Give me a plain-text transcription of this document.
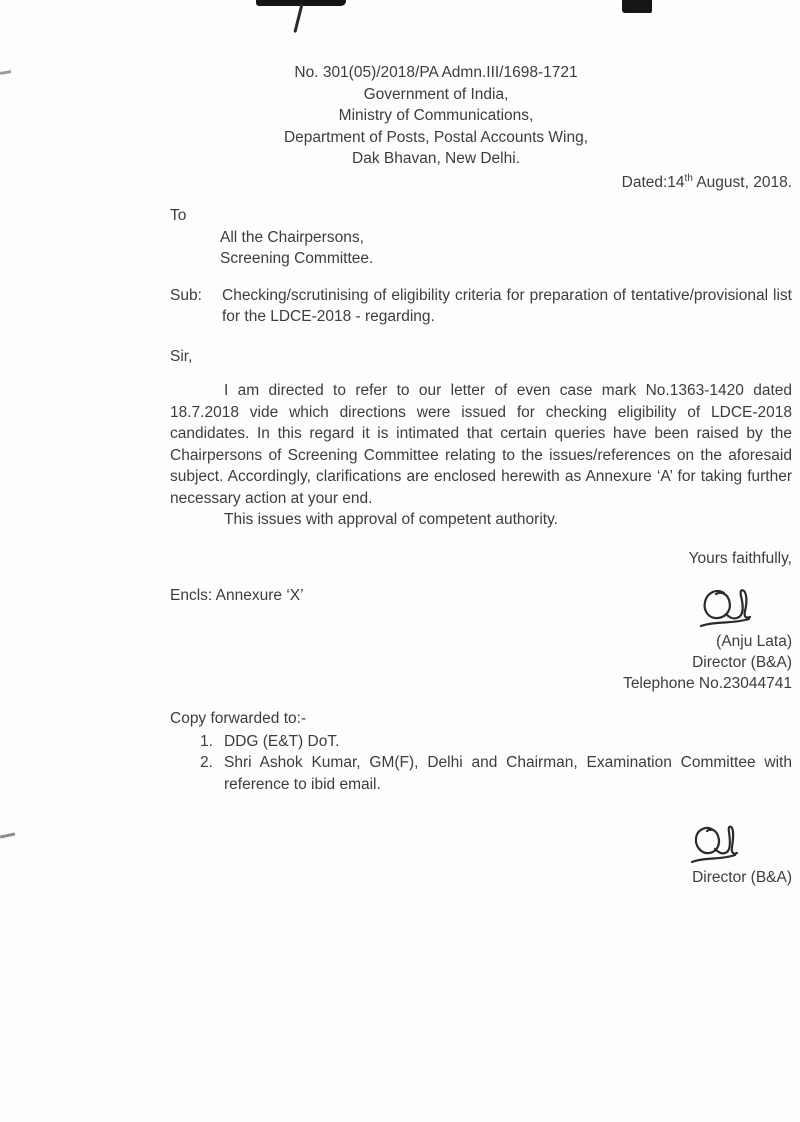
No. 301(05)/2018/PA Admn.III/1698-1721
Government of India,
Ministry of Communications,
Department of Posts, Postal Accounts Wing,
Dak Bhavan, New Delhi.
Dated:14th August, 2018.
To
All the Chairpersons,
Screening Committee.
Sub: Checking/scrutinising of eligibility criteria for preparation of tentative/provisional list for the LDCE-2018 - regarding.
Sir,
I am directed to refer to our letter of even case mark No.1363-1420 dated 18.7.2018 vide which directions were issued for checking eligibility of LDCE-2018 candidates. In this regard it is intimated that certain queries have been raised by the Chairpersons of Screening Committee relating to the issues/references on the aforesaid subject. Accordingly, clarifications are enclosed herewith as Annexure ‘A’ for taking further necessary action at your end.
This issues with approval of competent authority.
Yours faithfully,
Encls: Annexure ‘X’
(Anju Lata)
Director (B&A)
Telephone No.23044741
Copy forwarded to:-
1. DDG (E&T) DoT.
2. Shri Ashok Kumar, GM(F), Delhi and Chairman, Examination Committee with reference to ibid email.
Director (B&A)
